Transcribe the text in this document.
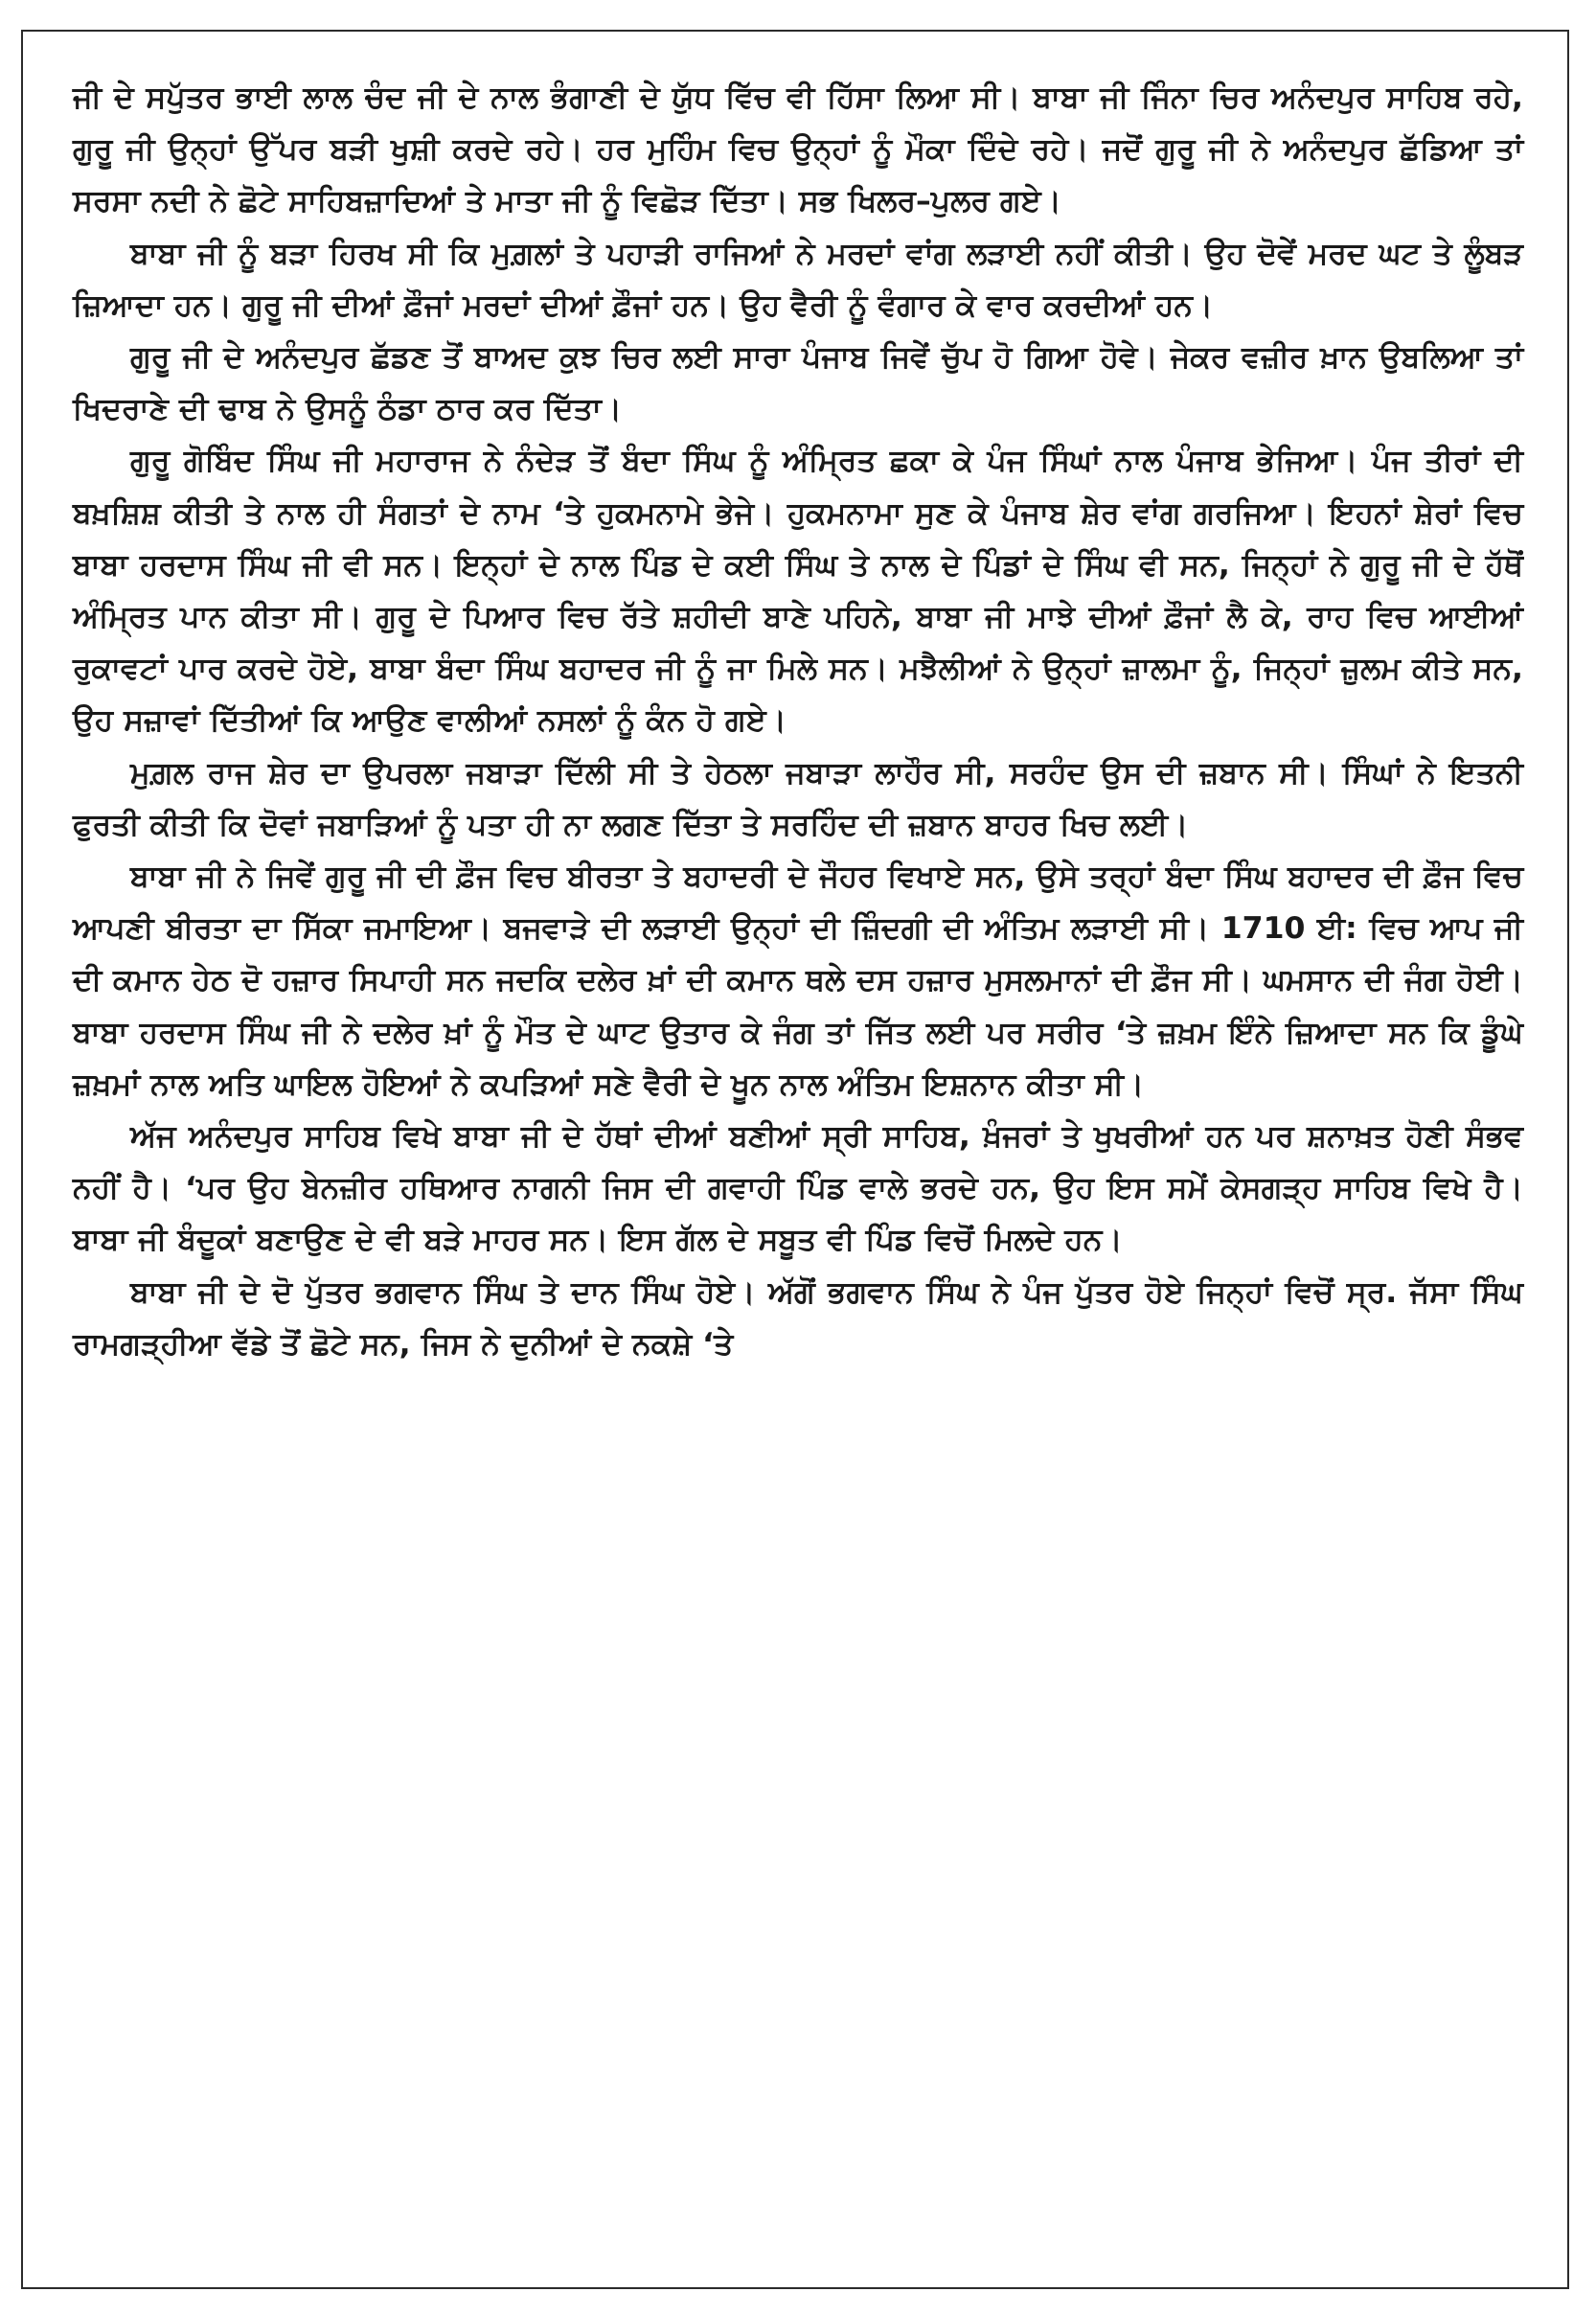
ਜੀ ਦੇ ਸਪੁੱਤਰ ਭਾਈ ਲਾਲ ਚੰਦ ਜੀ ਦੇ ਨਾਲ ਭੰਗਾਣੀ ਦੇ ਯੁੱਧ ਵਿੱਚ ਵੀ ਹਿੱਸਾ ਲਿਆ ਸੀ। ਬਾਬਾ ਜੀ ਜਿੰਨਾ ਚਿਰ ਅਨੰਦਪੁਰ ਸਾਹਿਬ ਰਹੇ, ਗੁਰੂ ਜੀ ਉਨ੍ਹਾਂ ਉੱਪਰ ਬੜੀ ਖੁਸ਼ੀ ਕਰਦੇ ਰਹੇ। ਹਰ ਮੁਹਿੰਮ ਵਿਚ ਉਨ੍ਹਾਂ ਨੂੰ ਮੌਕਾ ਦਿੰਦੇ ਰਹੇ। ਜਦੋਂ ਗੁਰੂ ਜੀ ਨੇ ਅਨੰਦਪੁਰ ਛੱਡਿਆ ਤਾਂ ਸਰਸਾ ਨਦੀ ਨੇ ਛੋਟੇ ਸਾਹਿਬਜ਼ਾਦਿਆਂ ਤੇ ਮਾਤਾ ਜੀ ਨੂੰ ਵਿਛੋੜ ਦਿੱਤਾ। ਸਭ ਖਿਲਰ–ਪੁਲਰ ਗਏ।

ਬਾਬਾ ਜੀ ਨੂੰ ਬੜਾ ਹਿਰਖ ਸੀ ਕਿ ਮੁਗ਼ਲਾਂ ਤੇ ਪਹਾੜੀ ਰਾਜਿਆਂ ਨੇ ਮਰਦਾਂ ਵਾਂਗ ਲੜਾਈ ਨਹੀਂ ਕੀਤੀ। ਉਹ ਦੋਵੇਂ ਮਰਦ ਘਟ ਤੇ ਲੂੰਬੜ ਜ਼ਿਆਦਾ ਹਨ। ਗੁਰੂ ਜੀ ਦੀਆਂ ਫ਼ੌਜਾਂ ਮਰਦਾਂ ਦੀਆਂ ਫ਼ੌਜਾਂ ਹਨ। ਉਹ ਵੈਰੀ ਨੂੰ ਵੰਗਾਰ ਕੇ ਵਾਰ ਕਰਦੀਆਂ ਹਨ।

ਗੁਰੂ ਜੀ ਦੇ ਅਨੰਦਪੁਰ ਛੱਡਣ ਤੋਂ ਬਾਅਦ ਕੁਝ ਚਿਰ ਲਈ ਸਾਰਾ ਪੰਜਾਬ ਜਿਵੇਂ ਚੁੱਪ ਹੋ ਗਿਆ ਹੋਵੇ। ਜੇਕਰ ਵਜ਼ੀਰ ਖ਼ਾਨ ਉਬਲਿਆ ਤਾਂ ਖਿਦਰਾਣੇ ਦੀ ਢਾਬ ਨੇ ਉਸਨੂੰ ਠੰਡਾ ਠਾਰ ਕਰ ਦਿੱਤਾ।

ਗੁਰੂ ਗੋਬਿੰਦ ਸਿੰਘ ਜੀ ਮਹਾਰਾਜ ਨੇ ਨੰਦੇੜ ਤੋਂ ਬੰਦਾ ਸਿੰਘ ਨੂੰ ਅੰਮ੍ਰਿਤ ਛਕਾ ਕੇ ਪੰਜ ਸਿੰਘਾਂ ਨਾਲ ਪੰਜਾਬ ਭੇਜਿਆ। ਪੰਜ ਤੀਰਾਂ ਦੀ ਬਖ਼ਸ਼ਿਸ਼ ਕੀਤੀ ਤੇ ਨਾਲ ਹੀ ਸੰਗਤਾਂ ਦੇ ਨਾਮ ‘ਤੇ ਹੁਕਮਨਾਮੇ ਭੇਜੇ। ਹੁਕਮਨਾਮਾ ਸੁਣ ਕੇ ਪੰਜਾਬ ਸ਼ੇਰ ਵਾਂਗ ਗਰਜਿਆ। ਇਹਨਾਂ ਸ਼ੇਰਾਂ ਵਿਚ ਬਾਬਾ ਹਰਦਾਸ ਸਿੰਘ ਜੀ ਵੀ ਸਨ। ਇਨ੍ਹਾਂ ਦੇ ਨਾਲ ਪਿੰਡ ਦੇ ਕਈ ਸਿੰਘ ਤੇ ਨਾਲ ਦੇ ਪਿੰਡਾਂ ਦੇ ਸਿੰਘ ਵੀ ਸਨ, ਜਿਨ੍ਹਾਂ ਨੇ ਗੁਰੂ ਜੀ ਦੇ ਹੱਥੋਂ ਅੰਮ੍ਰਿਤ ਪਾਨ ਕੀਤਾ ਸੀ। ਗੁਰੂ ਦੇ ਪਿਆਰ ਵਿਚ ਰੱਤੇ ਸ਼ਹੀਦੀ ਬਾਣੇ ਪਹਿਨੇ, ਬਾਬਾ ਜੀ ਮਾਝੇ ਦੀਆਂ ਫ਼ੌਜਾਂ ਲੈ ਕੇ, ਰਾਹ ਵਿਚ ਆਈਆਂ ਰੁਕਾਵਟਾਂ ਪਾਰ ਕਰਦੇ ਹੋਏ, ਬਾਬਾ ਬੰਦਾ ਸਿੰਘ ਬਹਾਦਰ ਜੀ ਨੂੰ ਜਾ ਮਿਲੇ ਸਨ। ਮਝੈਲੀਆਂ ਨੇ ਉਨ੍ਹਾਂ ਜ਼ਾਲਮਾ ਨੂੰ, ਜਿਨ੍ਹਾਂ ਜ਼ੁਲਮ ਕੀਤੇ ਸਨ, ਉਹ ਸਜ਼ਾਵਾਂ ਦਿੱਤੀਆਂ ਕਿ ਆਉਣ ਵਾਲੀਆਂ ਨਸਲਾਂ ਨੂੰ ਕੰਨ ਹੋ ਗਏ।

ਮੁਗ਼ਲ ਰਾਜ ਸ਼ੇਰ ਦਾ ਉਪਰਲਾ ਜਬਾੜਾ ਦਿੱਲੀ ਸੀ ਤੇ ਹੇਠਲਾ ਜਬਾੜਾ ਲਾਹੌਰ ਸੀ, ਸਰਹੰਦ ਉਸ ਦੀ ਜ਼ਬਾਨ ਸੀ। ਸਿੰਘਾਂ ਨੇ ਇਤਨੀ ਫੁਰਤੀ ਕੀਤੀ ਕਿ ਦੋਵਾਂ ਜਬਾੜਿਆਂ ਨੂੰ ਪਤਾ ਹੀ ਨਾ ਲਗਣ ਦਿੱਤਾ ਤੇ ਸਰਹਿੰਦ ਦੀ ਜ਼ਬਾਨ ਬਾਹਰ ਖਿਚ ਲਈ।

ਬਾਬਾ ਜੀ ਨੇ ਜਿਵੇਂ ਗੁਰੂ ਜੀ ਦੀ ਫ਼ੌਜ ਵਿਚ ਬੀਰਤਾ ਤੇ ਬਹਾਦਰੀ ਦੇ ਜੌਹਰ ਵਿਖਾਏ ਸਨ, ਉਸੇ ਤਰ੍ਹਾਂ ਬੰਦਾ ਸਿੰਘ ਬਹਾਦਰ ਦੀ ਫ਼ੌਜ ਵਿਚ ਆਪਣੀ ਬੀਰਤਾ ਦਾ ਸਿੱਕਾ ਜਮਾਇਆ। ਬਜਵਾੜੇ ਦੀ ਲੜਾਈ ਉਨ੍ਹਾਂ ਦੀ ਜ਼ਿੰਦਗੀ ਦੀ ਅੰਤਿਮ ਲੜਾਈ ਸੀ। 1710 ਈ: ਵਿਚ ਆਪ ਜੀ ਦੀ ਕਮਾਨ ਹੇਠ ਦੋ ਹਜ਼ਾਰ ਸਿਪਾਹੀ ਸਨ ਜਦਕਿ ਦਲੇਰ ਖ਼ਾਂ ਦੀ ਕਮਾਨ ਥਲੇ ਦਸ ਹਜ਼ਾਰ ਮੁਸਲਮਾਨਾਂ ਦੀ ਫ਼ੌਜ ਸੀ। ਘਮਸਾਨ ਦੀ ਜੰਗ ਹੋਈ। ਬਾਬਾ ਹਰਦਾਸ ਸਿੰਘ ਜੀ ਨੇ ਦਲੇਰ ਖ਼ਾਂ ਨੂੰ ਮੌਤ ਦੇ ਘਾਟ ਉਤਾਰ ਕੇ ਜੰਗ ਤਾਂ ਜਿੱਤ ਲਈ ਪਰ ਸਰੀਰ ‘ਤੇ ਜ਼ਖ਼ਮ ਇੰਨੇ ਜ਼ਿਆਦਾ ਸਨ ਕਿ ਡੂੰਘੇ ਜ਼ਖ਼ਮਾਂ ਨਾਲ ਅਤਿ ਘਾਇਲ ਹੋਇਆਂ ਨੇ ਕਪੜਿਆਂ ਸਣੇ ਵੈਰੀ ਦੇ ਖੂਨ ਨਾਲ ਅੰਤਿਮ ਇਸ਼ਨਾਨ ਕੀਤਾ ਸੀ।

ਅੱਜ ਅਨੰਦਪੁਰ ਸਾਹਿਬ ਵਿਖੇ ਬਾਬਾ ਜੀ ਦੇ ਹੱਥਾਂ ਦੀਆਂ ਬਣੀਆਂ ਸ੍ਰੀ ਸਾਹਿਬ, ਖ਼ੰਜਰਾਂ ਤੇ ਖੁਖਰੀਆਂ ਹਨ ਪਰ ਸ਼ਨਾਖ਼ਤ ਹੋਣੀ ਸੰਭਵ ਨਹੀਂ ਹੈ। ‘ਪਰ ਉਹ ਬੇਨਜ਼ੀਰ ਹਥਿਆਰ ਨਾਗਨੀ ਜਿਸ ਦੀ ਗਵਾਹੀ ਪਿੰਡ ਵਾਲੇ ਭਰਦੇ ਹਨ, ਉਹ ਇਸ ਸਮੇਂ ਕੇਸਗੜ੍ਹ ਸਾਹਿਬ ਵਿਖੇ ਹੈ। ਬਾਬਾ ਜੀ ਬੰਦੂਕਾਂ ਬਣਾਉਣ ਦੇ ਵੀ ਬੜੇ ਮਾਹਰ ਸਨ। ਇਸ ਗੱਲ ਦੇ ਸਬੂਤ ਵੀ ਪਿੰਡ ਵਿਚੋਂ ਮਿਲਦੇ ਹਨ।

ਬਾਬਾ ਜੀ ਦੇ ਦੋ ਪੁੱਤਰ ਭਗਵਾਨ ਸਿੰਘ ਤੇ ਦਾਨ ਸਿੰਘ ਹੋਏ। ਅੱਗੋਂ ਭਗਵਾਨ ਸਿੰਘ ਨੇ ਪੰਜ ਪੁੱਤਰ ਹੋਏ ਜਿਨ੍ਹਾਂ ਵਿਚੋਂ ਸ੍ਰ. ਜੱਸਾ ਸਿੰਘ ਰਾਮਗੜ੍ਹੀਆ ਵੱਡੇ ਤੋਂ ਛੋਟੇ ਸਨ, ਜਿਸ ਨੇ ਦੁਨੀਆਂ ਦੇ ਨਕਸ਼ੇ ‘ਤੇ
